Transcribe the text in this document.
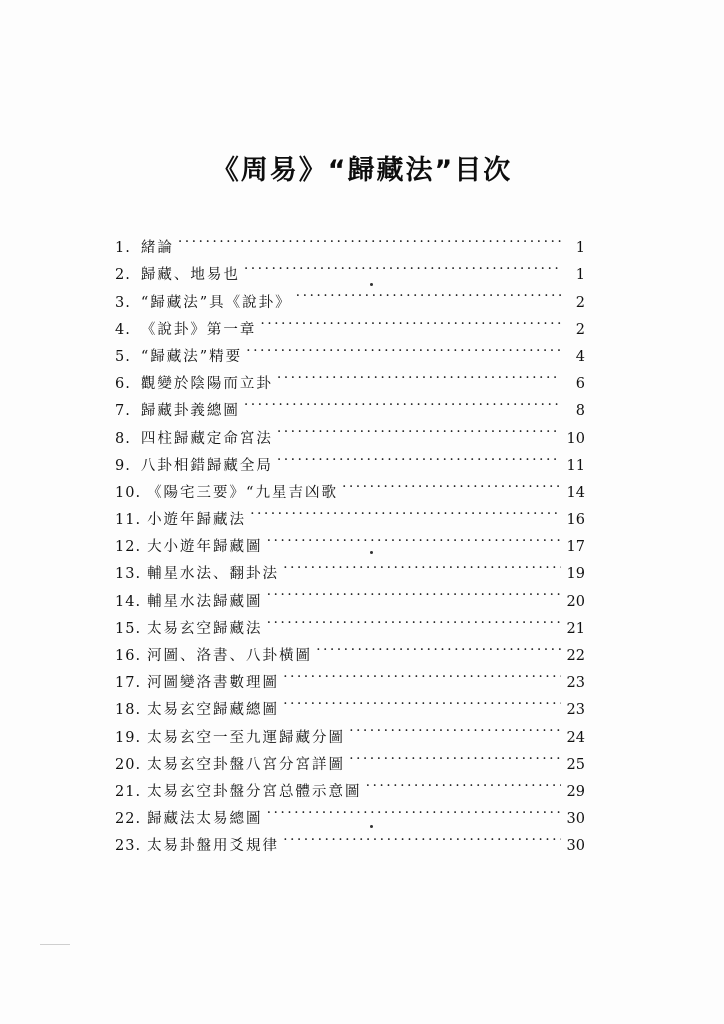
《周易》“歸藏法”目次
1. 緒論 . . .	1
2. 歸藏、地易也 . . .	1
3. “歸藏法”具《說卦》 . . .	2
4. 《說卦》第一章 . . .	2
5. “歸藏法”精要 . . .	4
6. 觀變於陰陽而立卦 . . .	6
7. 歸藏卦義總圖 . . .	8
8. 四柱歸藏定命宮法 . . .	10
9. 八卦相錯歸藏全局 . . .	11
10. 《陽宅三要》“九星吉凶歌 . . .	14
11. 小遊年歸藏法 . . .	16
12. 大小遊年歸藏圖 . . .	17
13. 輔星水法、翻卦法 . . .	19
14. 輔星水法歸藏圖 . . .	20
15. 太易玄空歸藏法 . . .	21
16. 河圖、洛書、八卦橫圖 . . .	22
17. 河圖變洛書數理圖 . . .	23
18. 太易玄空歸藏總圖 . . .	23
19. 太易玄空一至九運歸藏分圖 . . .	24
20. 太易玄空卦盤八宮分宮詳圖 . . .	25
21. 太易玄空卦盤分宮总體示意圖 . . .	29
22. 歸藏法太易總圖 . . .	30
23. 太易卦盤用爻規律 . . .	30
